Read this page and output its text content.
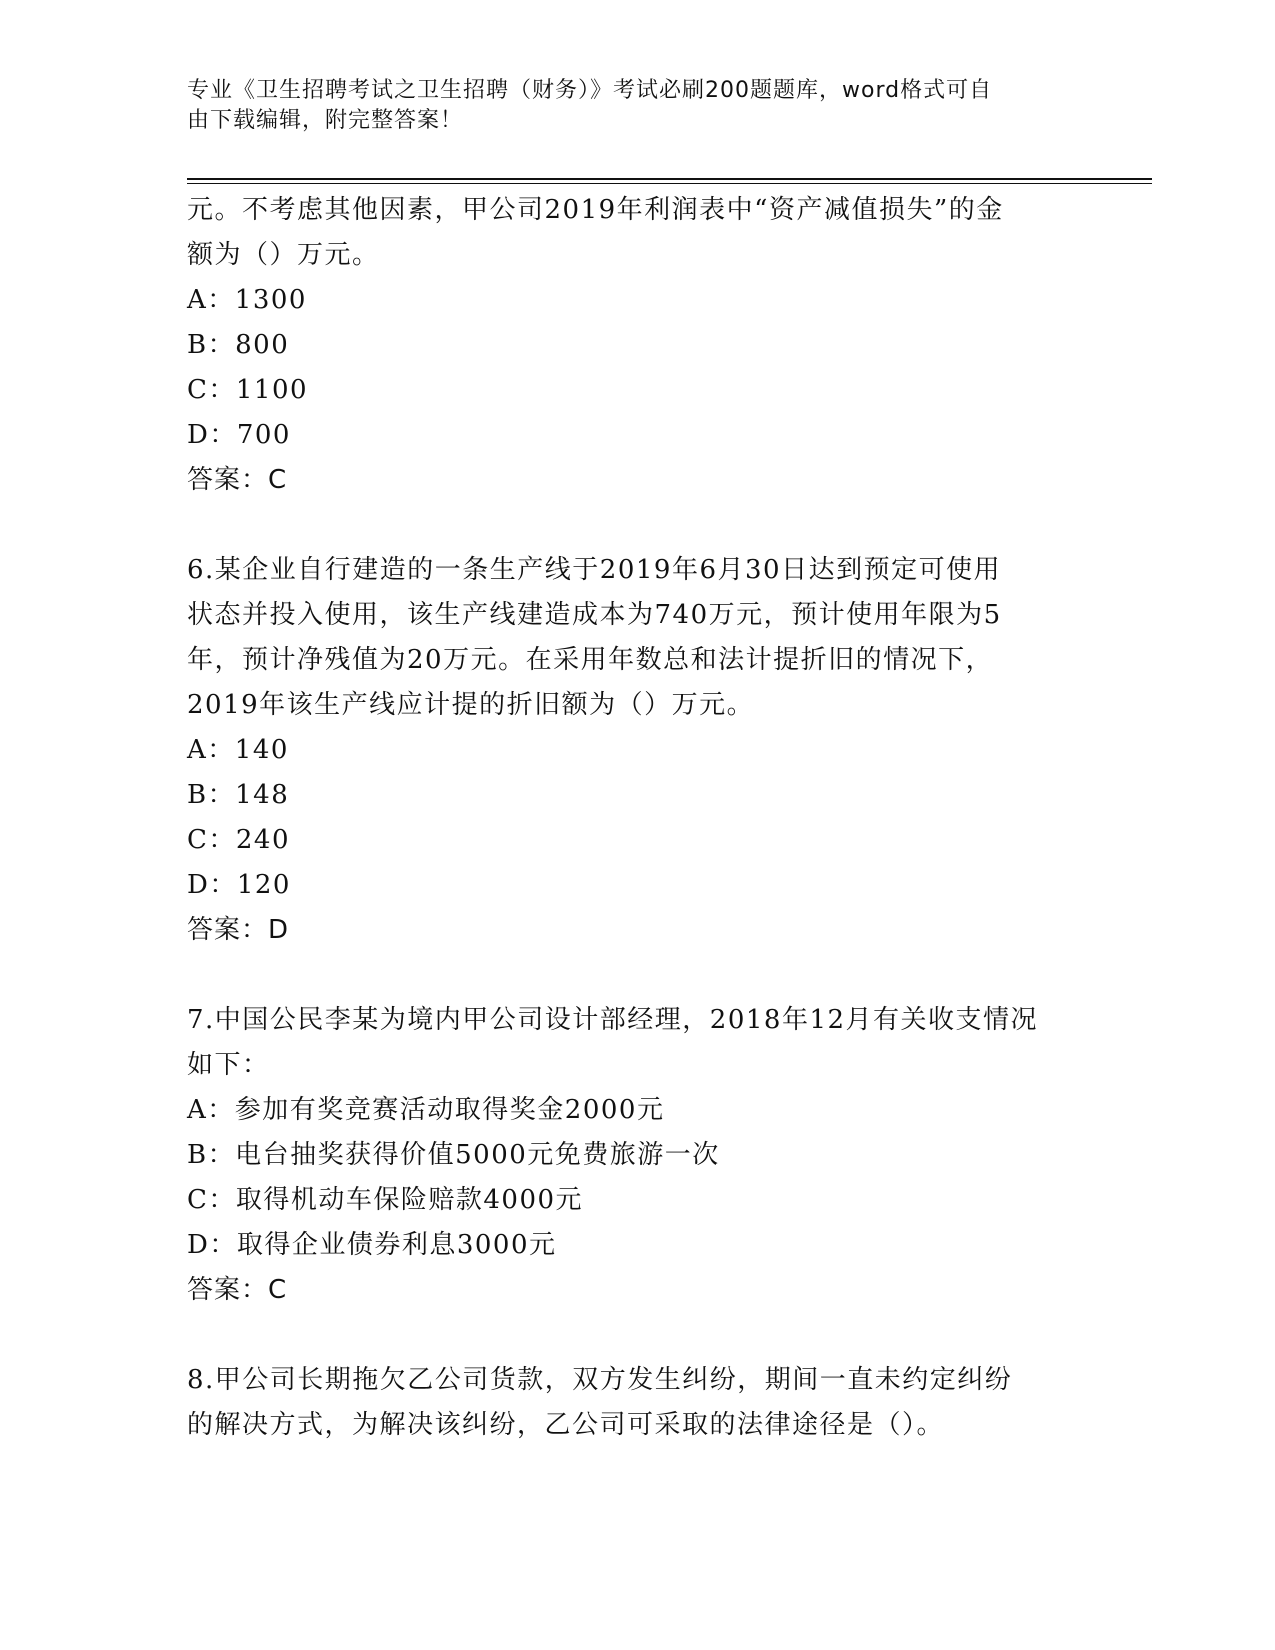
专业《卫生招聘考试之卫生招聘（财务）》考试必刷200题题库，word格式可自
由下载编辑，附完整答案！

元。不考虑其他因素，甲公司2019年利润表中“资产减值损失”的金

额为（）万元。

A：1300

B：800

C：1100

D：700

答案：C

6.某企业自行建造的一条生产线于2019年6月30日达到预定可使用

状态并投入使用，该生产线建造成本为740万元，预计使用年限为5

年，预计净残值为20万元。在采用年数总和法计提折旧的情况下，

2019年该生产线应计提的折旧额为（）万元。

A：140

B：148

C：240

D：120

答案：D

7.中国公民李某为境内甲公司设计部经理，2018年12月有关收支情况

如下：

A：参加有奖竞赛活动取得奖金2000元

B：电台抽奖获得价值5000元免费旅游一次

C：取得机动车保险赔款4000元

D：取得企业债券利息3000元

答案：C

8.甲公司长期拖欠乙公司货款，双方发生纠纷，期间一直未约定纠纷

的解决方式，为解决该纠纷，乙公司可采取的法律途径是（）。
